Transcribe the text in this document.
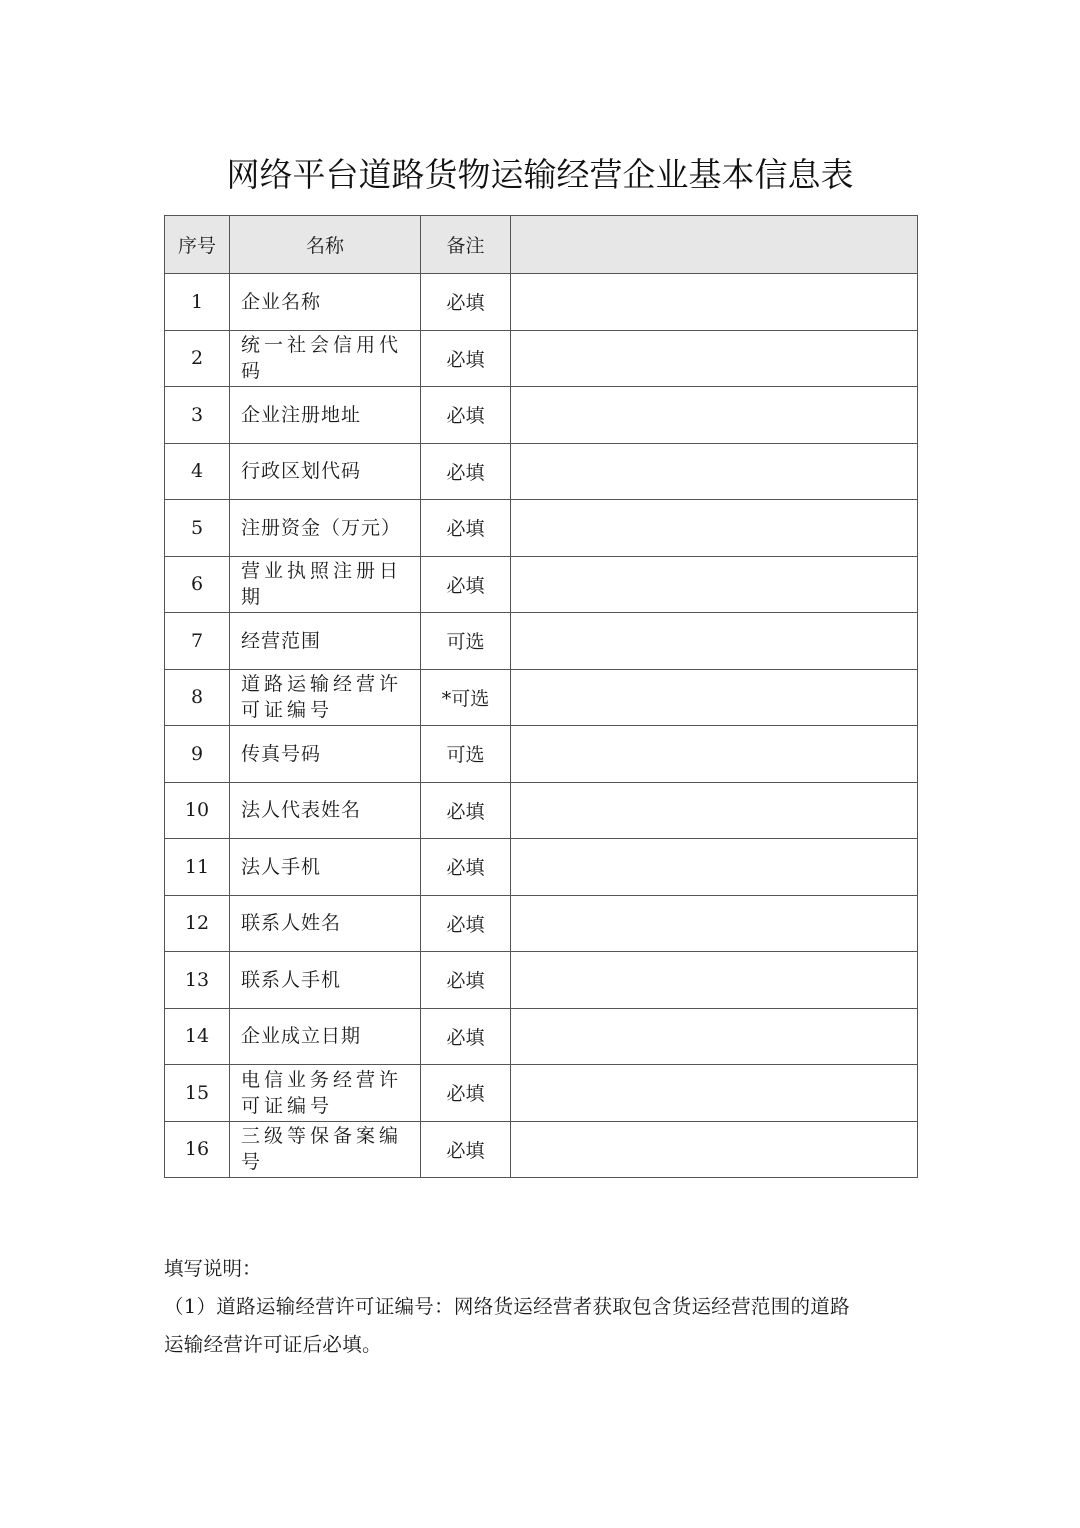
网络平台道路货物运输经营企业基本信息表
序号	名称	备注	
1	企业名称	必填	
2	统一社会信用代码	必填	
3	企业注册地址	必填	
4	行政区划代码	必填	
5	注册资金（万元）	必填	
6	营业执照注册日期	必填	
7	经营范围	可选	
8	道路运输经营许可证编号	*可选	
9	传真号码	可选	
10	法人代表姓名	必填	
11	法人手机	必填	
12	联系人姓名	必填	
13	联系人手机	必填	
14	企业成立日期	必填	
15	电信业务经营许可证编号	必填	
16	三级等保备案编号	必填	
填写说明：
（1）道路运输经营许可证编号：网络货运经营者获取包含货运经营范围的道路
运输经营许可证后必填。
